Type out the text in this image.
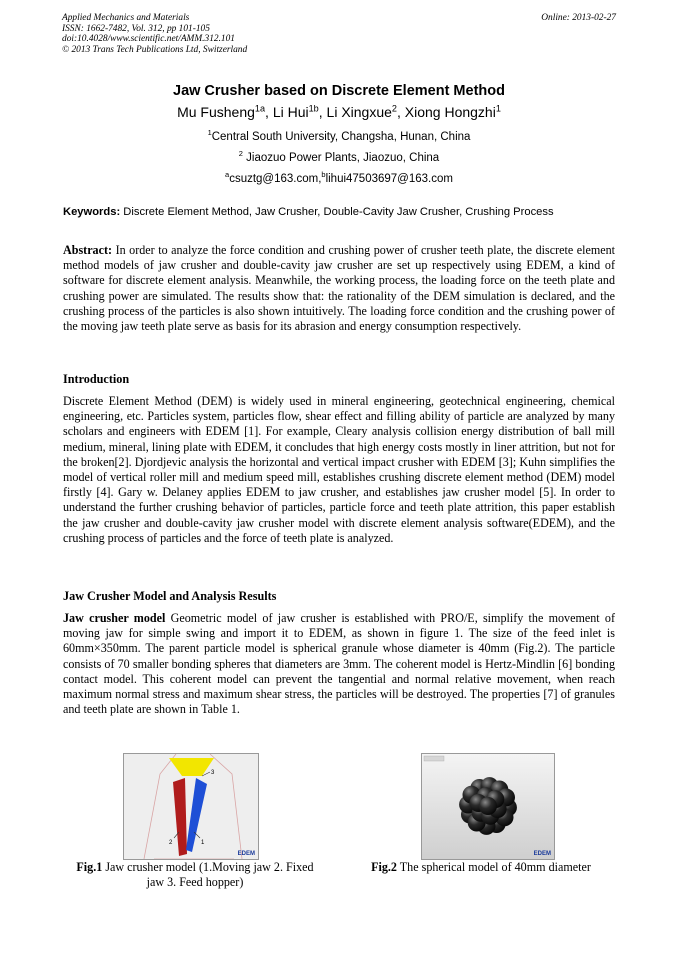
Applied Mechanics and Materials
ISSN: 1662-7482, Vol. 312, pp 101-105
doi:10.4028/www.scientific.net/AMM.312.101
© 2013 Trans Tech Publications Ltd, Switzerland
Online: 2013-02-27
Jaw Crusher based on Discrete Element Method
Mu Fusheng$^{1a}$, Li Hui$^{1b}$, Li Xingxue$^2$, Xiong Hongzhi$^1$
$^1$Central South University, Changsha, Hunan, China
$^2$ Jiaozuo Power Plants, Jiaozuo, China
$^a$csuztg@163.com,$^b$lihui47503697@163.com
Keywords: Discrete Element Method, Jaw Crusher, Double-Cavity Jaw Crusher, Crushing Process
Abstract: In order to analyze the force condition and crushing power of crusher teeth plate, the discrete element method models of jaw crusher and double-cavity jaw crusher are set up respectively using EDEM, a kind of software for discrete element analysis. Meanwhile, the working process, the loading force on the teeth plate and crushing power are simulated. The results show that: the rationality of the DEM simulation is declared, and the crushing process of the particles is also shown intuitively. The loading force condition and the crushing power of the moving jaw teeth plate serve as basis for its abrasion and energy consumption respectively.
Introduction
Discrete Element Method (DEM) is widely used in mineral engineering, geotechnical engineering, chemical engineering, etc. Particles system, particles flow, shear effect and filling ability of particle are analyzed by many scholars and engineers with EDEM [1]. For example, Cleary analysis collision energy distribution of ball mill medium, mineral, lining plate with EDEM, it concludes that high energy costs mostly in liner attrition, but not for the broken[2]. Djordjevic analysis the horizontal and vertical impact crusher with EDEM [3]; Kuhn simplifies the model of vertical roller mill and medium speed mill, establishes crushing discrete element method (DEM) model firstly [4]. Gary w. Delaney applies EDEM to jaw crusher, and establishes jaw crusher model [5]. In order to understand the further crushing behavior of particles, particle force and teeth plate attrition, this paper establish the jaw crusher and double-cavity jaw crusher model with discrete element analysis software(EDEM), and the crushing process of particles and the force of teeth plate is analyzed.
Jaw Crusher Model and Analysis Results
Jaw crusher model Geometric model of jaw crusher is established with PRO/E, simplify the movement of moving jaw for simple swing and import it to EDEM, as shown in figure 1. The size of the feed inlet is 60mm×350mm. The parent particle model is spherical granule whose diameter is 40mm (Fig.2). The particle consists of 70 smaller bonding spheres that diameters are 3mm. The coherent model is Hertz-Mindlin [6] bonding contact model. This coherent model can prevent the tangential and normal relative movement, when reach maximum normal stress and maximum shear stress, the particles will be destroyed. The properties [7] of granules and teeth plate are shown in Table 1.
3
2	1
EDEM	EDEM
Fig.1 Jaw crusher model (1.Moving jaw 2. Fixed jaw 3. Feed hopper)
Fig.2 The spherical model of 40mm diameter
